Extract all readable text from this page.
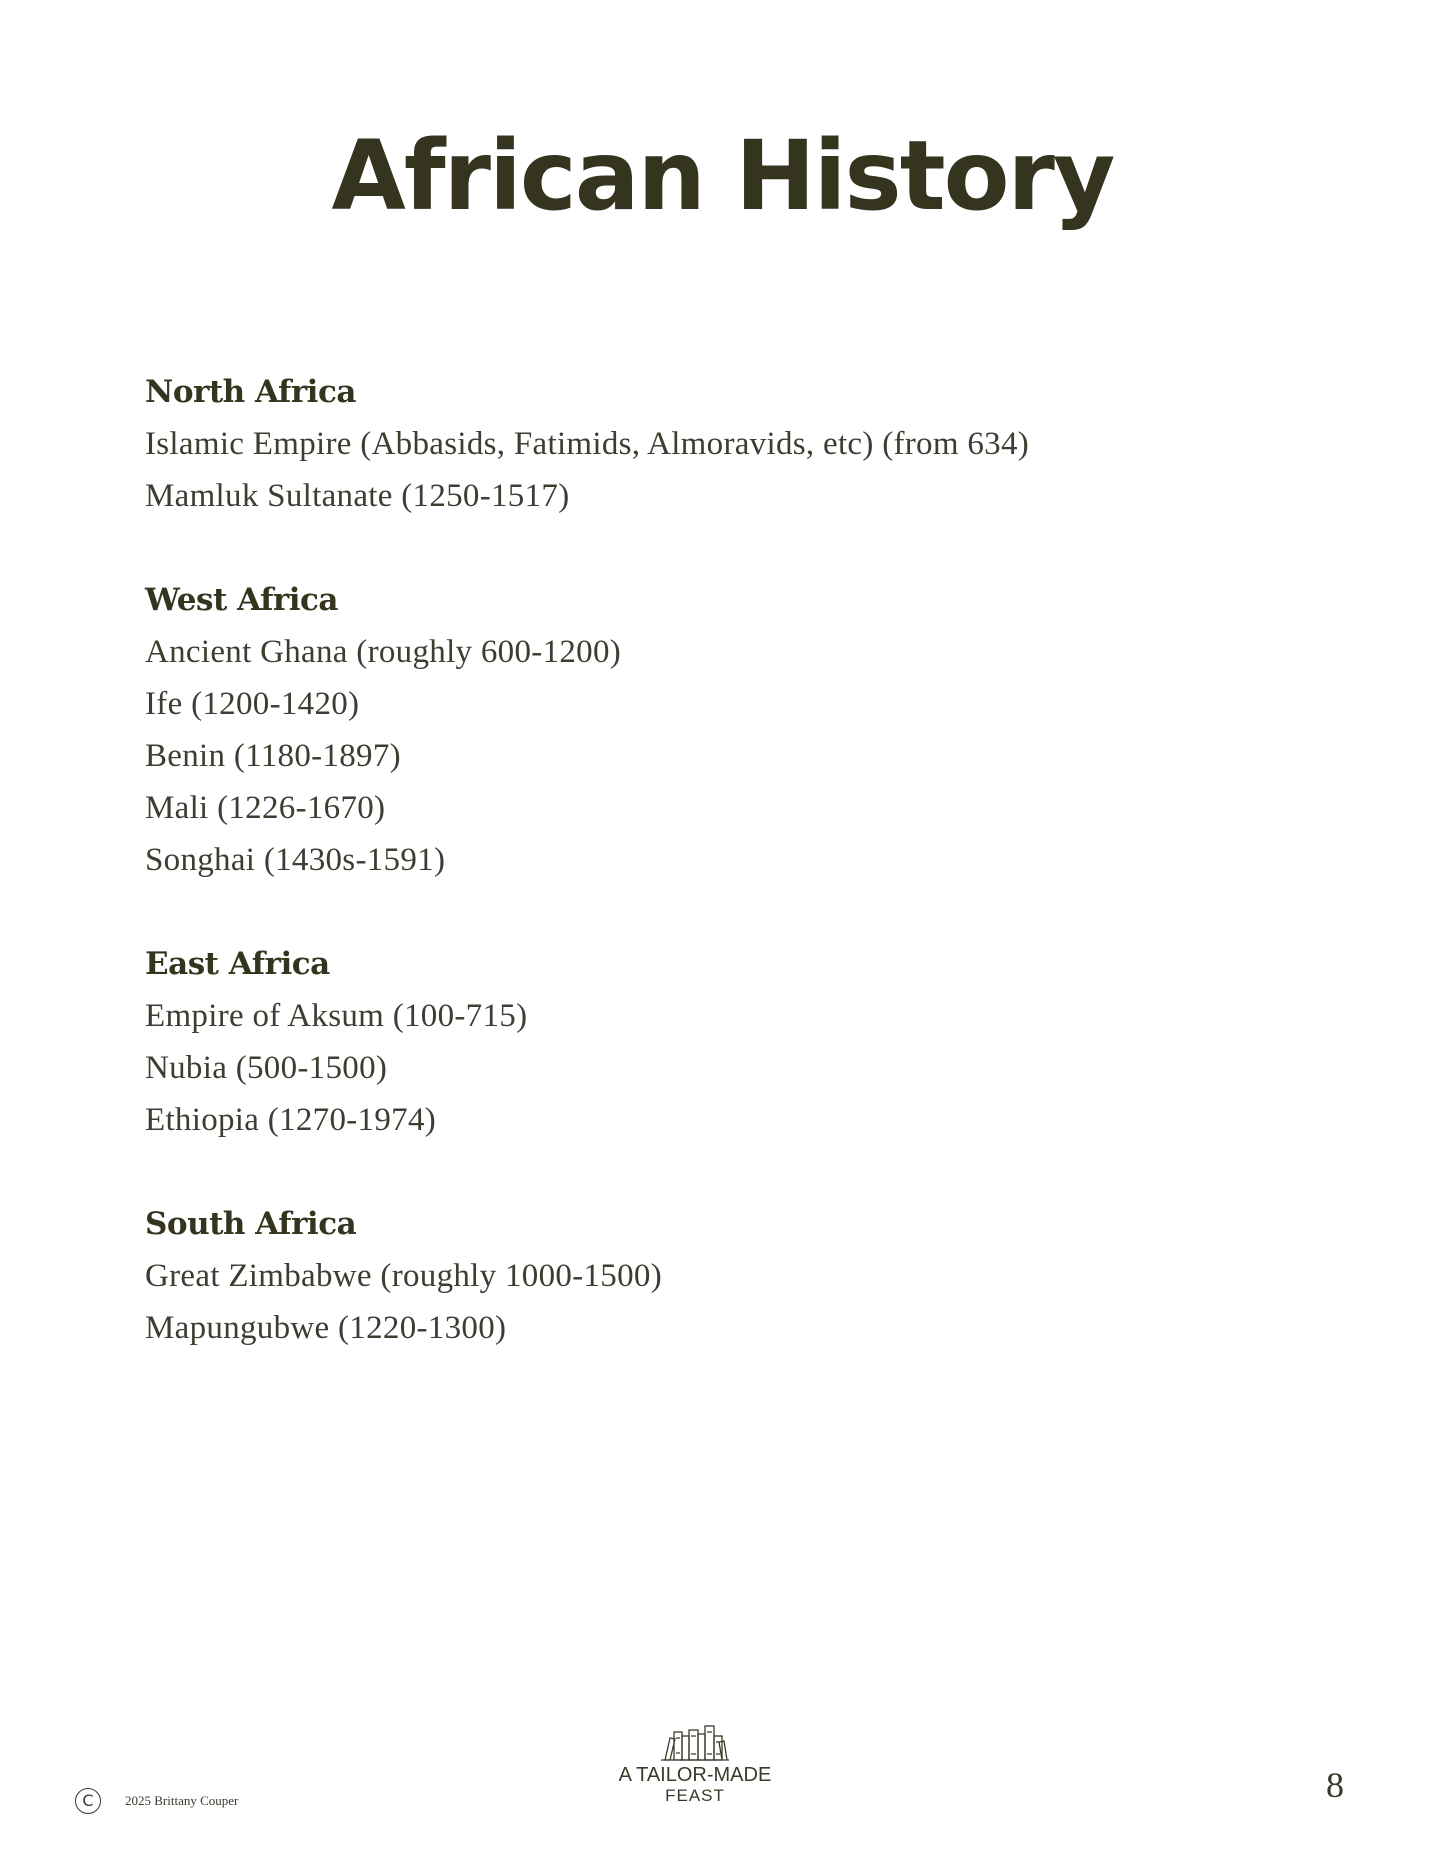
African History
North Africa
Islamic Empire (Abbasids, Fatimids, Almoravids, etc) (from 634)
Mamluk Sultanate (1250-1517)
West Africa
Ancient Ghana (roughly 600-1200)
Ife (1200-1420)
Benin (1180-1897)
Mali (1226-1670)
Songhai (1430s-1591)
East Africa
Empire of Aksum (100-715)
Nubia (500-1500)
Ethiopia (1270-1974)
South Africa
Great Zimbabwe (roughly 1000-1500)
Mapungubwe (1220-1300)
C	2025 Brittany Couper
A TAILOR-MADE
FEAST	8
